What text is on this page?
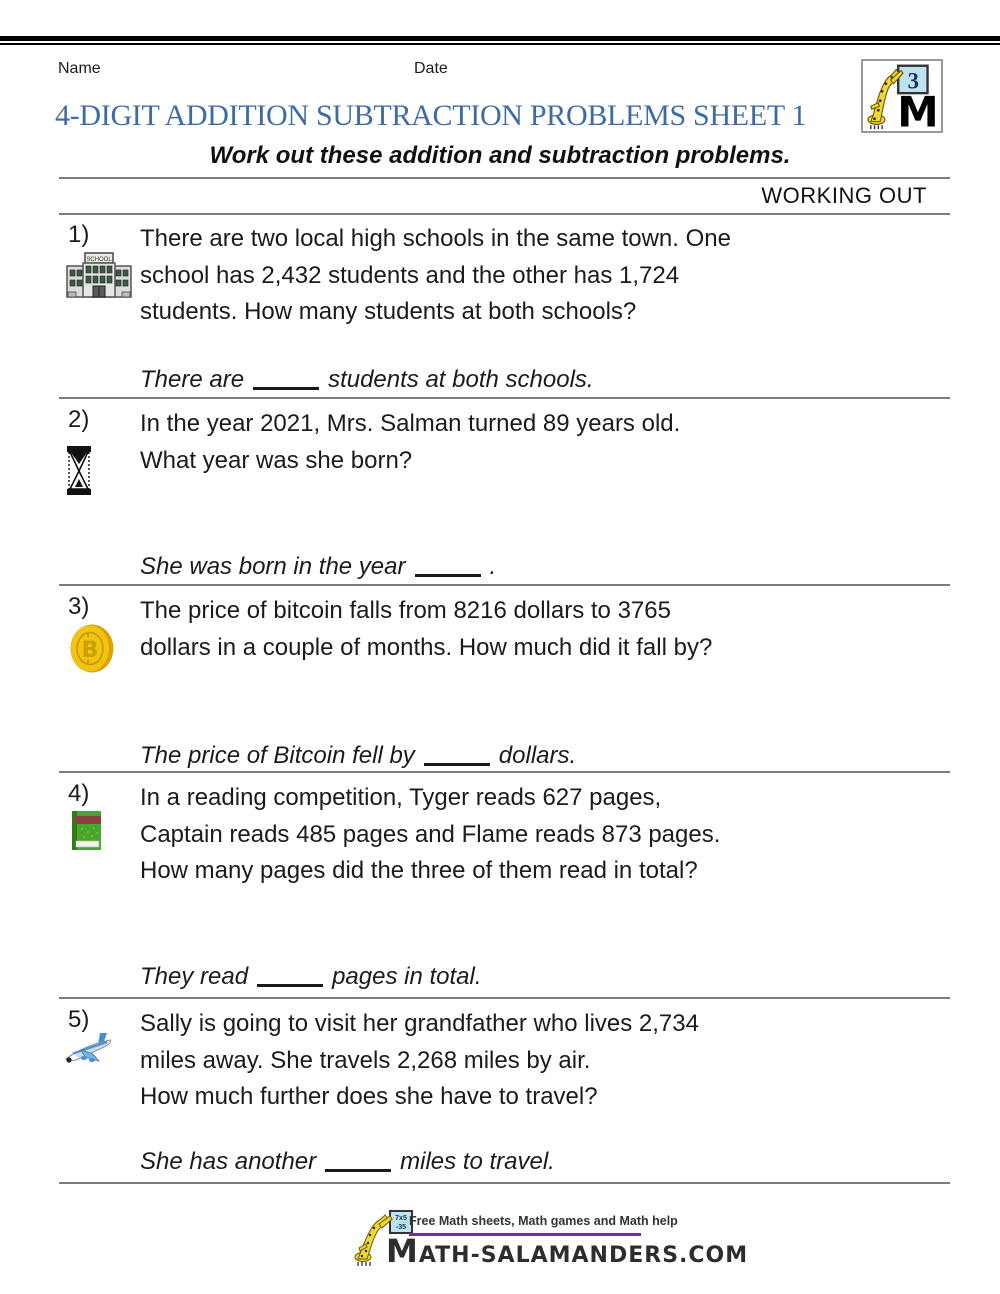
Name	Date	3
M
4-DIGIT ADDITION SUBTRACTION PROBLEMS SHEET 1
Work out these addition and subtraction problems.
WORKING OUT
1)
SCHOOL
There are two local high schools in the same town. One
school has 2,432 students and the other has 1,724
students. How many students at both schools?
There are	students at both schools.
2) In the year 2021, Mrs. Salman turned 89 years old.
What year was she born?
She was born in the year	.
B
3) The price of bitcoin falls from 8216 dollars to 3765
dollars in a couple of months. How much did it fall by?
The price of Bitcoin fell by	dollars.
4) In a reading competition, Tyger reads 627 pages,
Captain reads 485 pages and Flame reads 873 pages.
How many pages did the three of them read in total?
They read	pages in total.
5) Sally is going to visit her grandfather who lives 2,734
miles away. She travels 2,268 miles by air.
How much further does she have to travel?
She has another	miles to travel.
7x5
-35 Free Math sheets, Math games and Math help
MATH-SALAMANDERS.COM
